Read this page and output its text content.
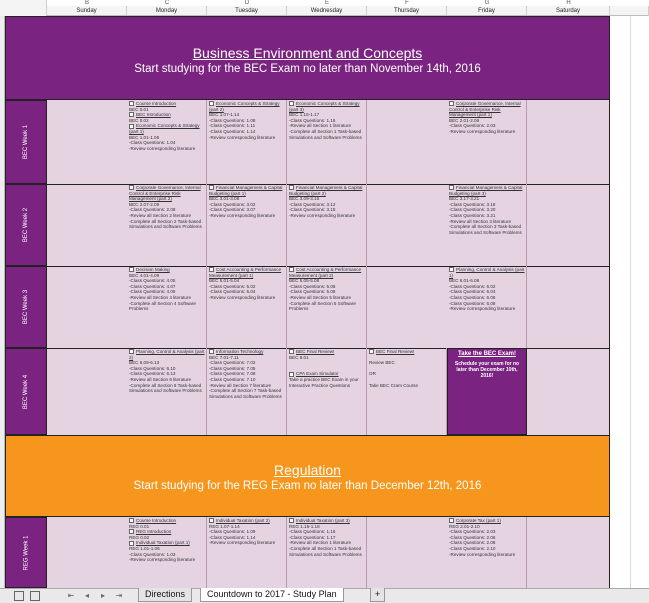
B	C	D	E	F	G	H
Sunday	Monday	Tuesday	Wednesday	Thursday	Friday	Saturday
Business Environment and Concepts
Start studying for the BEC Exam no later than November 14th, 2016
BEC Week 1
BEC Week 2
BEC Week 3
BEC Week 4
Course Introduction
BEC 0.01
BEC Introduction
BEC 0.02
Economic Concepts & Strategy (part 1)
BEC 1.01-1.06
-Class Questions: 1.04
-Review corresponding literature
Economic Concepts & Strategy (part 2)
BEC 1.07-1.14
-Class Questions: 1.08
-Class Questions: 1.11
-Class Questions: 1.14
-Review corresponding literature
Economic Concepts & Strategy (part 3)
BEC 1.15-1.17
-Class Questions: 1.16
-Review all Section 1 literature
-Complete all Section 1 Task-based Simulations and Software Problems
Corporate Governance, Internal Control & Enterprise Risk Management (part 1)
BEC 2.01-2.06
-Class Questions: 2.03
-Review corresponding literature
Corporate Governance, Internal Control & Enterprise Risk Management (part 2)
BEC 2.07-2.09
-Class Questions: 2.08
-Review all Section 2 literature
-Complete all Section 2 Task-based Simulations and Software Problems
Financial Management & Capital Budgeting (part 1)
BEC 3.01-3.08
-Class Questions: 3.02
-Class Questions: 3.07
-Review corresponding literature
Financial Management & Capital Budgeting (part 2)
BEC 3.09-3.16
-Class Questions: 3.12
-Class Questions: 3.15
-Review corresponding literature
Financial Management & Capital Budgeting (part 3)
BEC 3.17-3.21
-Class Questions: 3.18
-Class Questions: 3.20
-Class Questions: 3.21
-Review all Section 3 literature
-Complete all Section 3 Task-based Simulations and Software Problems
Decision Making
BEC 4.01-4.09
-Class Questions: 4.05
-Class Questions: 4.07
-Class Questions: 4.09
-Review all Section 4 literature
-Complete all Section 4 Software Problems
Cost Accounting & Performance Measurement (part 1)
BEC 5.01-5.04
-Class Questions: 5.02
-Class Questions: 5.04
-Review corresponding literature
Cost Accounting & Performance Measurement (part 2)
BEC 5.05-5.08
-Class Questions: 5.06
-Class Questions: 5.08
-Review all Section 5 literature
-Complete all Section 5 Software Problems
Planning, Control & Analysis (part 1)
BEC 6.01-6.08
-Class Questions: 6.02
-Class Questions: 6.04
-Class Questions: 6.06
-Class Questions: 6.08
-Review corresponding literature
Planning, Control & Analysis (part 2)
BEC 6.09-6.13
-Class Questions: 6.10
-Class Questions: 6.13
-Review all Section 6 literature
-Complete all Section 6 Task-based Simulations and Software Problems
Information Technology
BEC 7.01-7.11
-Class Questions: 7.02
-Class Questions: 7.05
-Class Questions: 7.08
-Class Questions: 7.10
-Review all Section 7 literature
-Complete all Section 7 Task-based Simulations and Software Problems
BEC Final Review!
BEC 8.01

CPA Exam Simulator
Take a practice BEC Exam in your Interactive Practice Questions
BEC Final Review!

Review BEC

OR

Take BEC Cram Course
Take the BEC Exam!
Schedule your exam for no later than December 10th, 2016!
Regulation
Start studying for the REG Exam no later than December 12th, 2016
REG Week 1
Course Introduction
REG 0.01
REG Introduction
REG 0.02
Individual Taxation (part 1)
REG 1.01-1.06
-Class Questions: 1.03
-Review corresponding literature
Individual Taxation (part 2)
REG 1.07-1.14
-Class Questions: 1.09
-Class Questions: 1.14
-Review corresponding literature
Individual Taxation (part 3)
REG 1.15-1.18
-Class Questions: 1.16
-Class Questions: 1.17
-Review all Section 1 literature
-Complete all Section 1 Task-based Simulations and Software Problems
Corporate Tax (part 1)
REG 2.01-2.10
-Class Questions: 2.03
-Class Questions: 2.06
-Class Questions: 2.08
-Class Questions: 2.10
-Review corresponding literature
⇤	◂	▸	⇥	Directions	Countdown to 2017 - Study Plan	+
